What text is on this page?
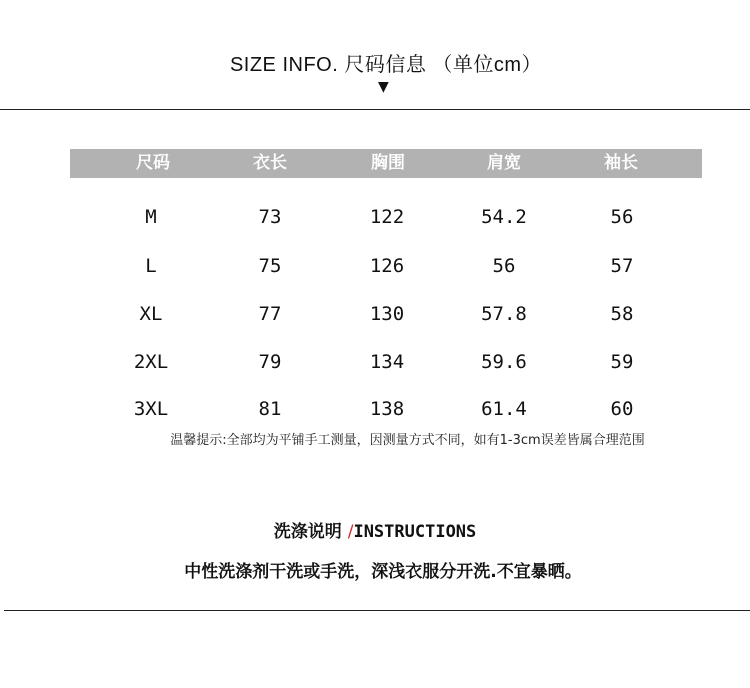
SIZE INFO. 尺码信息 （单位cm）
▼
尺码	衣长	胸围	肩宽	袖长
M	73	122	54.2	56
L	75	126	56	57
XL	77	130	57.8	58
2XL	79	134	59.6	59
3XL	81	138	61.4	60
温馨提示:全部均为平铺手工测量，因测量方式不同，如有1-3cm误差皆属合理范围
洗涤说明 /INSTRUCTIONS
中性洗涤剂干洗或手洗，深浅衣服分开洗.不宜暴晒。
